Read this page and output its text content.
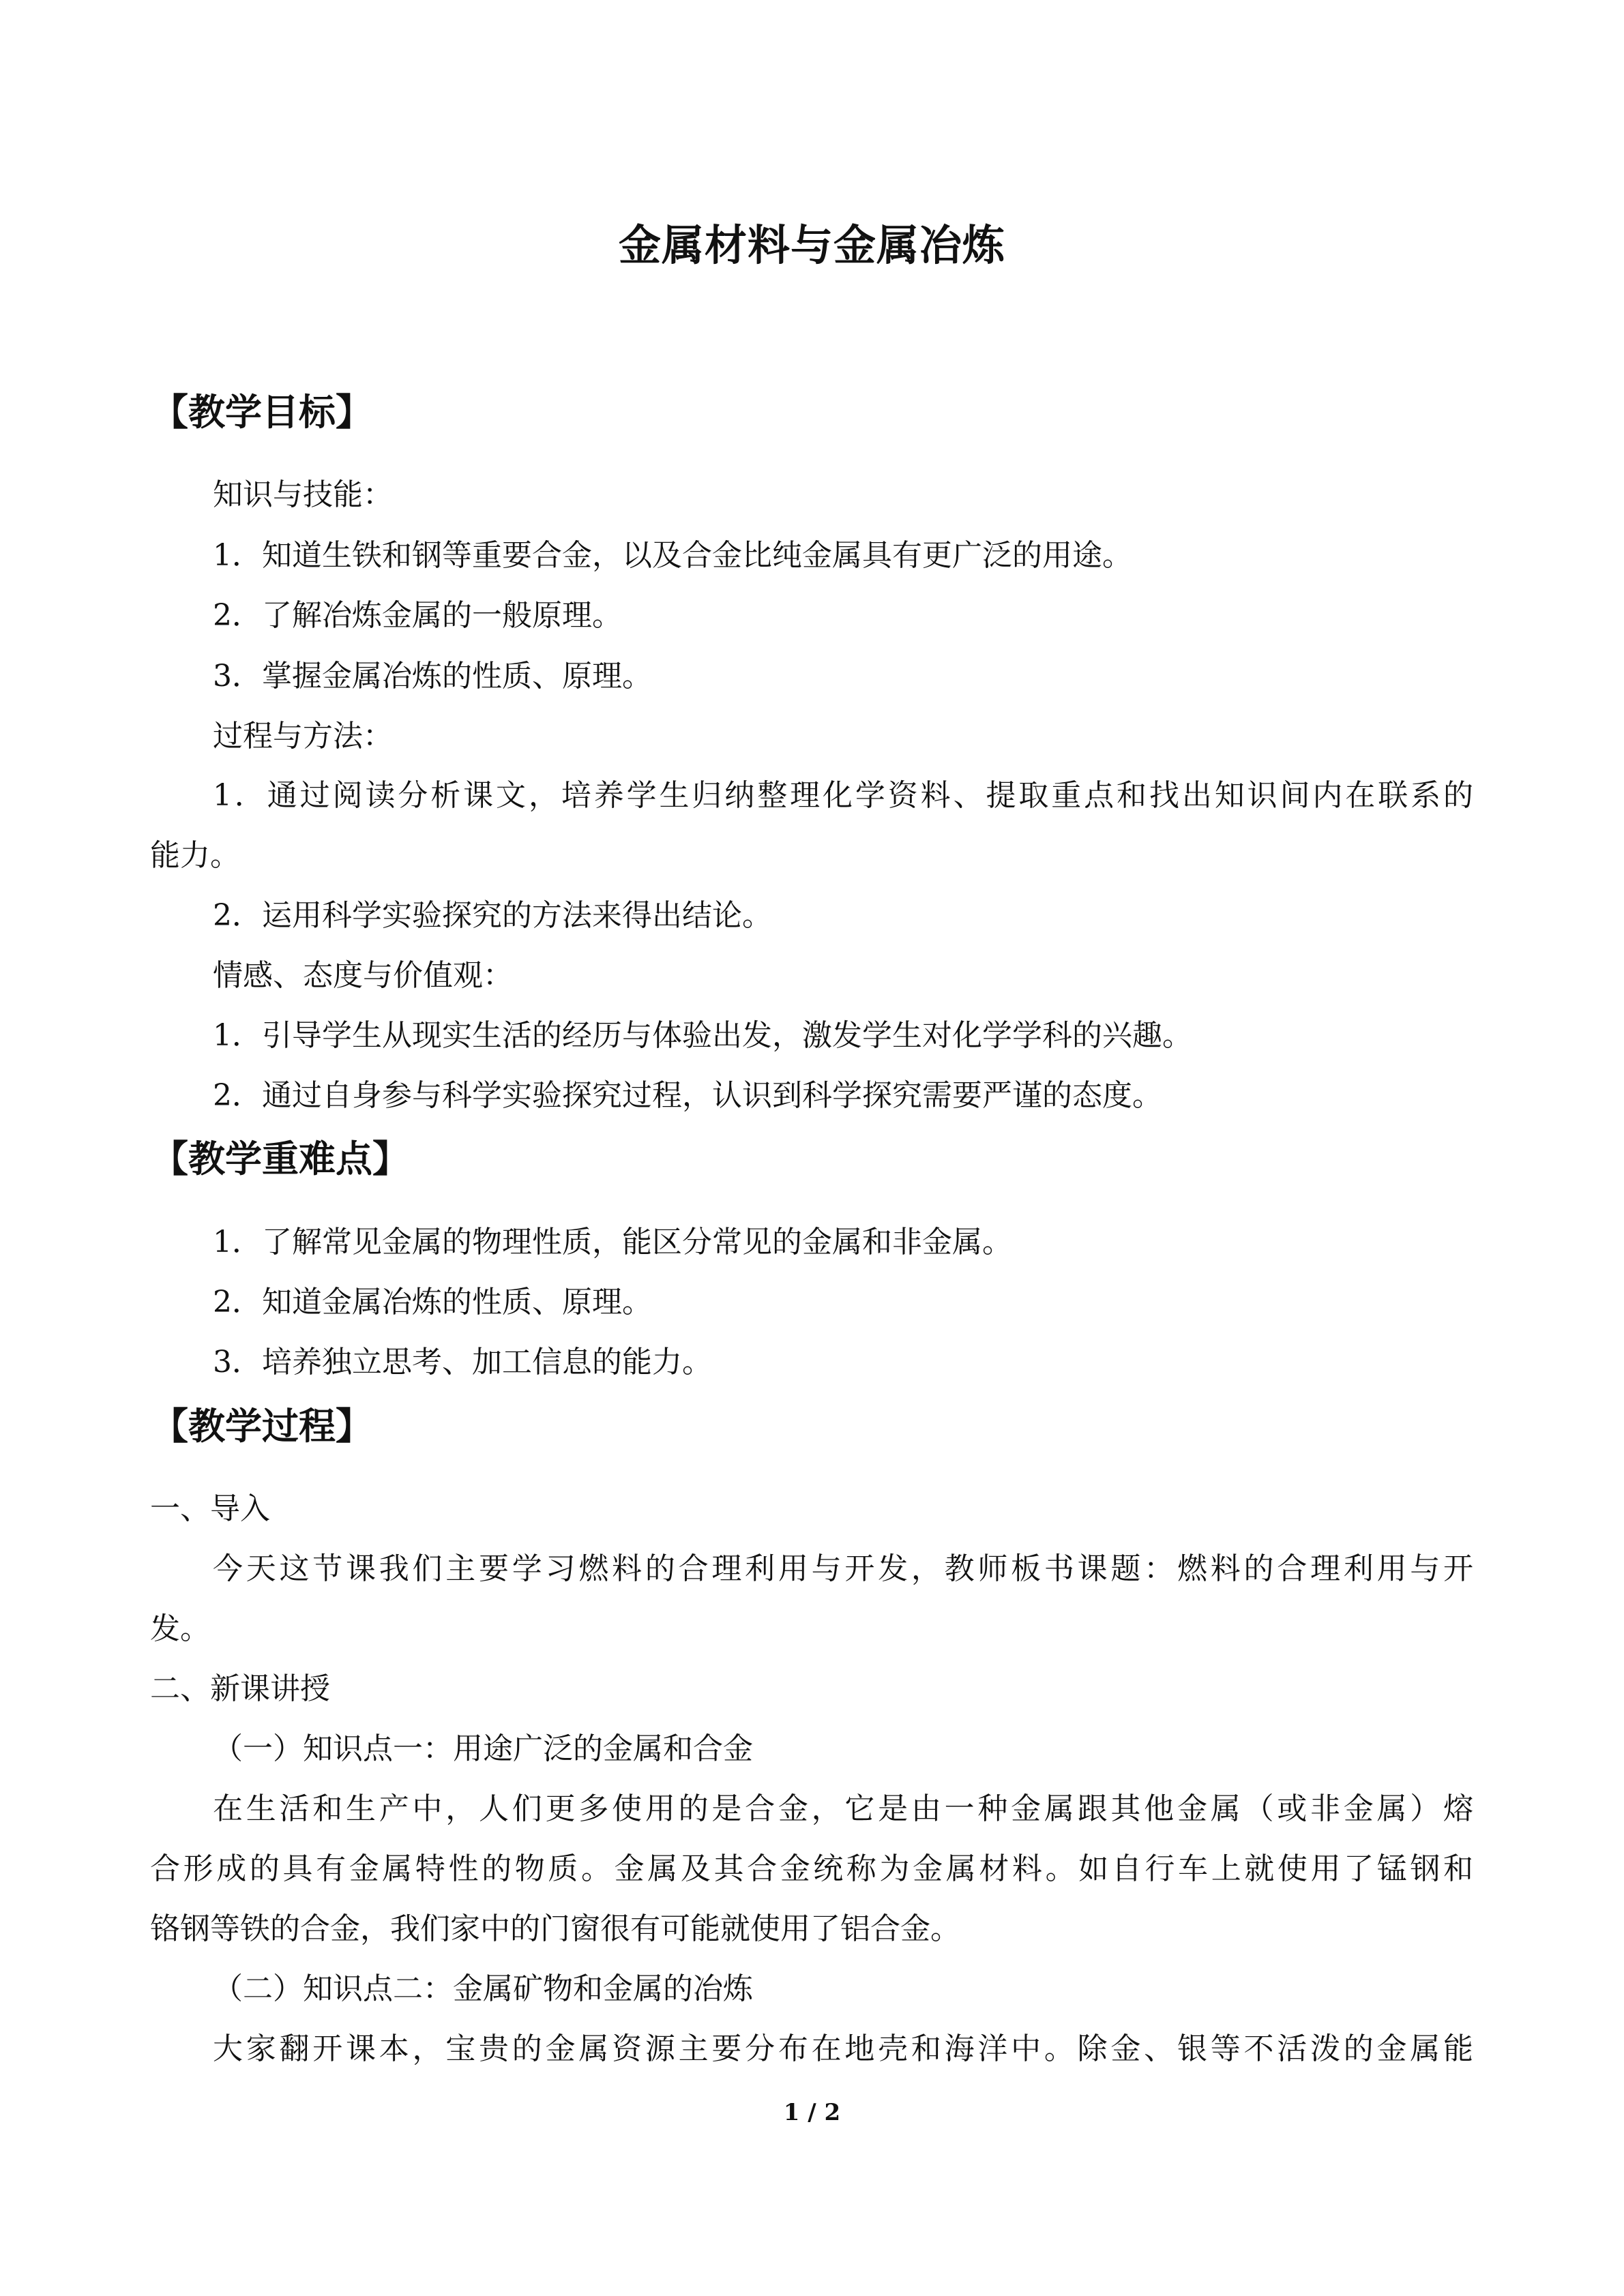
金属材料与金属冶炼
【教学目标】
知识与技能：
1．知道生铁和钢等重要合金，以及合金比纯金属具有更广泛的用途。
2．了解冶炼金属的一般原理。
3．掌握金属冶炼的性质、原理。
过程与方法：
1．通过阅读分析课文，培养学生归纳整理化学资料、提取重点和找出知识间内在联系的
能力。
2．运用科学实验探究的方法来得出结论。
情感、态度与价值观：
1．引导学生从现实生活的经历与体验出发，激发学生对化学学科的兴趣。
2．通过自身参与科学实验探究过程，认识到科学探究需要严谨的态度。
【教学重难点】
1．了解常见金属的物理性质，能区分常见的金属和非金属。
2．知道金属冶炼的性质、原理。
3．培养独立思考、加工信息的能力。
【教学过程】
一、导入
今天这节课我们主要学习燃料的合理利用与开发，教师板书课题：燃料的合理利用与开
发。
二、新课讲授
（一）知识点一：用途广泛的金属和合金
在生活和生产中，人们更多使用的是合金，它是由一种金属跟其他金属（或非金属）熔
合形成的具有金属特性的物质。金属及其合金统称为金属材料。如自行车上就使用了锰钢和
铬钢等铁的合金，我们家中的门窗很有可能就使用了铝合金。
（二）知识点二：金属矿物和金属的冶炼
大家翻开课本，宝贵的金属资源主要分布在地壳和海洋中。除金、银等不活泼的金属能
1 / 2
